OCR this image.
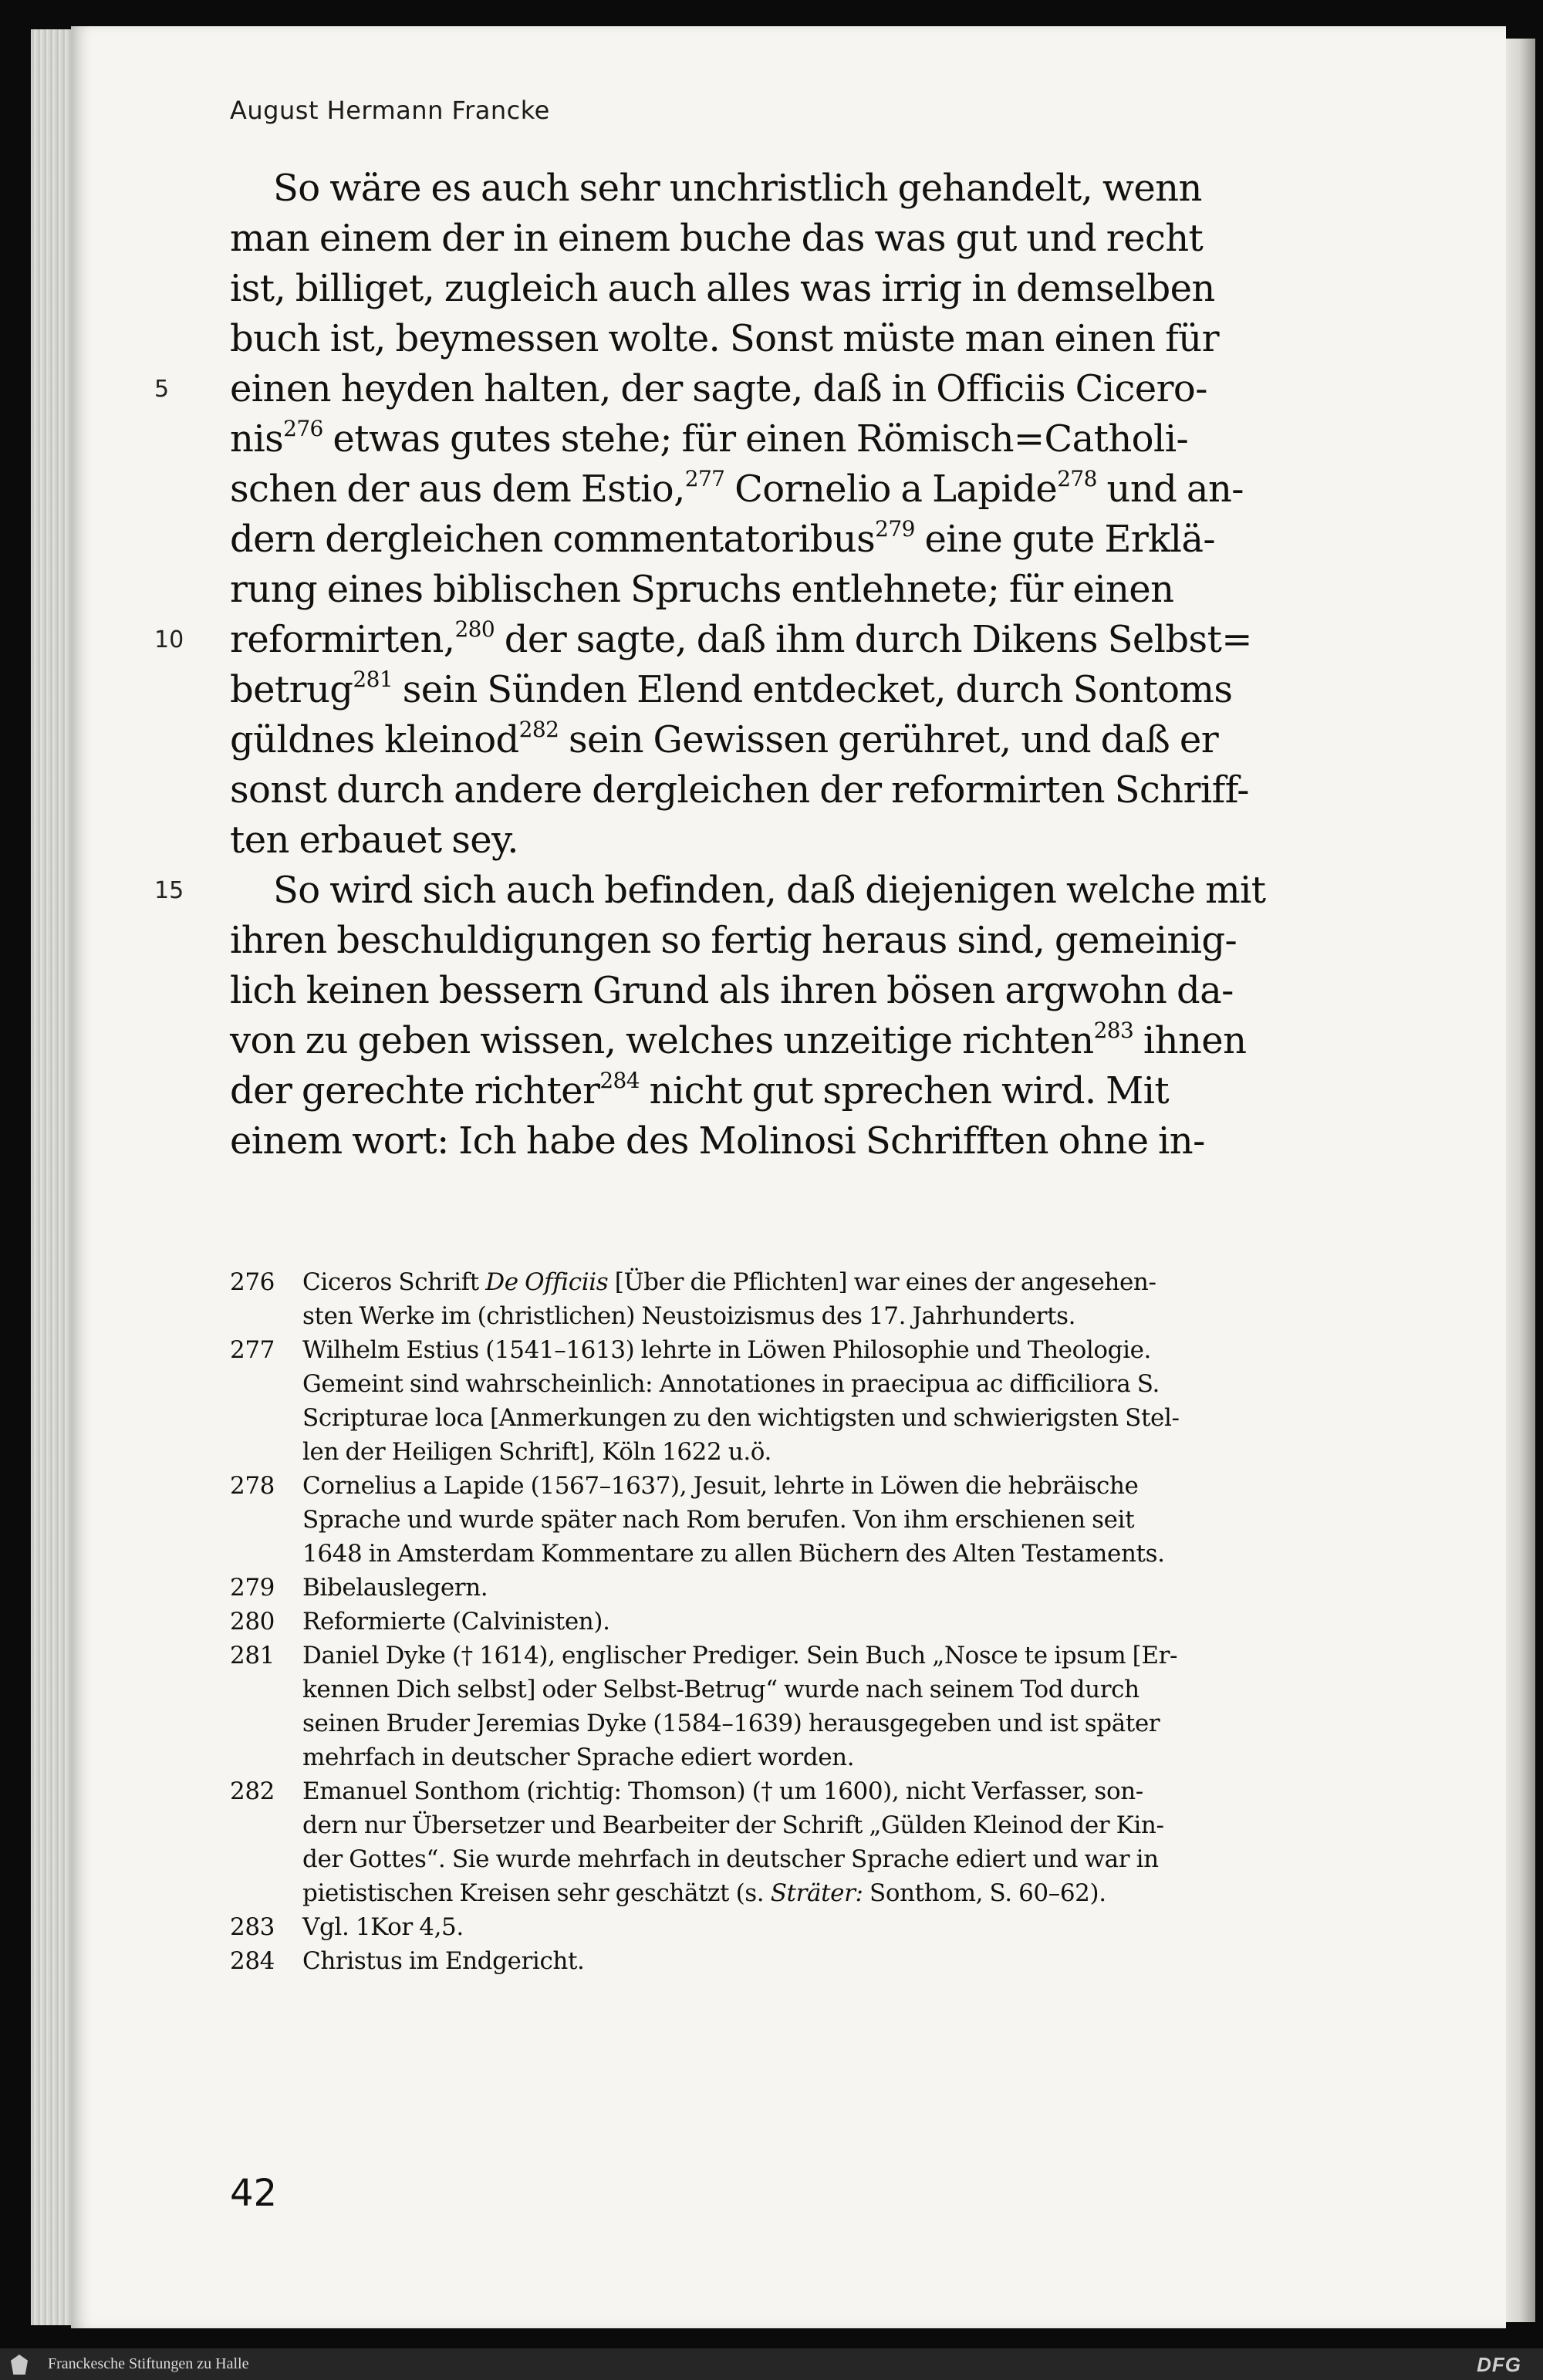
August Hermann Francke
5
10
15
So wäre es auch sehr unchristlich gehandelt, wenn
man einem der in einem buche das was gut und recht
ist, billiget, zugleich auch alles was irrig in demselben
buch ist, beymessen wolte. Sonst müste man einen für
einen heyden halten, der sagte, daß in Officiis Cicero-
nis$^{276}$ etwas gutes stehe; für einen Römisch=Catholi-
schen der aus dem Estio,$^{277}$ Cornelio a Lapide$^{278}$ und an-
dern dergleichen commentatoribus$^{279}$ eine gute Erklä-
rung eines biblischen Spruchs entlehnete; für einen
reformirten,$^{280}$ der sagte, daß ihm durch Dikens Selbst=
betrug$^{281}$ sein Sünden Elend entdecket, durch Sontoms
güldnes kleinod$^{282}$ sein Gewissen gerühret, und daß er
sonst durch andere dergleichen der reformirten Schriff-
ten erbauet sey.
So wird sich auch befinden, daß diejenigen welche mit
ihren beschuldigungen so fertig heraus sind, gemeinig-
lich keinen bessern Grund als ihren bösen argwohn da-
von zu geben wissen, welches unzeitige richten$^{283}$ ihnen
der gerechte richter$^{284}$ nicht gut sprechen wird. Mit
einem wort: Ich habe des Molinosi Schrifften ohne in-
276 Ciceros Schrift De Officiis [Über die Pflichten] war eines der angesehen-
sten Werke im (christlichen) Neustoizismus des 17. Jahrhunderts.
277 Wilhelm Estius (1541–1613) lehrte in Löwen Philosophie und Theologie.
Gemeint sind wahrscheinlich: Annotationes in praecipua ac difficiliora S.
Scripturae loca [Anmerkungen zu den wichtigsten und schwierigsten Stel-
len der Heiligen Schrift], Köln 1622 u.ö.
278 Cornelius a Lapide (1567–1637), Jesuit, lehrte in Löwen die hebräische
Sprache und wurde später nach Rom berufen. Von ihm erschienen seit
1648 in Amsterdam Kommentare zu allen Büchern des Alten Testaments.
279 Bibelauslegern.
280 Reformierte (Calvinisten).
281 Daniel Dyke († 1614), englischer Prediger. Sein Buch „Nosce te ipsum [Er-
kennen Dich selbst] oder Selbst-Betrug“ wurde nach seinem Tod durch
seinen Bruder Jeremias Dyke (1584–1639) herausgegeben und ist später
mehrfach in deutscher Sprache ediert worden.
282 Emanuel Sonthom (richtig: Thomson) († um 1600), nicht Verfasser, son-
dern nur Übersetzer und Bearbeiter der Schrift „Gülden Kleinod der Kin-
der Gottes“. Sie wurde mehrfach in deutscher Sprache ediert und war in
pietistischen Kreisen sehr geschätzt (s. Sträter: Sonthom, S. 60–62).
283 Vgl. 1Kor 4,5.
284 Christus im Endgericht.
42
Franckesche Stiftungen zu Halle	DFG
